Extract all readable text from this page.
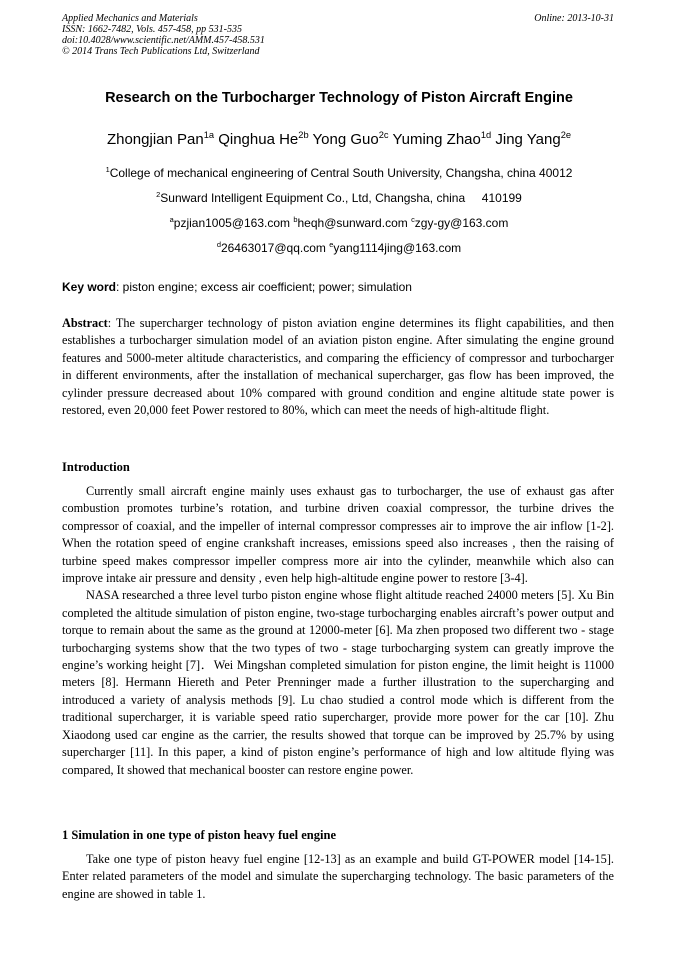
Applied Mechanics and Materials
ISSN: 1662-7482, Vols. 457-458, pp 531-535
doi:10.4028/www.scientific.net/AMM.457-458.531
© 2014 Trans Tech Publications Ltd, Switzerland
Online: 2013-10-31
Research on the Turbocharger Technology of Piston Aircraft Engine
Zhongjian Pan$^{1a}$ Qinghua $He^{2b}$ Yong Guo$^{2c}$ Yuming Zhao$^{1d}$ Jing Yang$^{2e}$
$^1$College of mechanical engineering of Central South University, Changsha, china 40012
$^2$Sunward Intelligent Equipment Co., Ltd, Changsha, china     410199
$^a$pzjian1005@163.com $^b$heqh@sunward.com $^c$zgy-gy@163.com
$^d$26463017@qq.com $^e$yang1114jing@163.com
Key word: piston engine; excess air coefficient; power; simulation

Abstract: The supercharger technology of piston aviation engine determines its flight capabilities, and then establishes a turbocharger simulation model of an aviation piston engine. After simulating the engine ground features and 5000-meter altitude characteristics, and comparing the efficiency of compressor and turbocharger in different environments, after the installation of mechanical supercharger, gas flow has been improved, the cylinder pressure decreased about 10% compared with ground condition and engine altitude state power is restored, even 20,000 feet Power restored to 80%, which can meet the needs of high-altitude flight.

Introduction

Currently small aircraft engine mainly uses exhaust gas to turbocharger, the use of exhaust gas after combustion promotes turbine’s rotation, and turbine driven coaxial compressor, the turbine drives the compressor of coaxial, and the impeller of internal compressor compresses air to improve the air inflow [1-2]. When the rotation speed of engine crankshaft increases, emissions speed also increases , then the raising of turbine speed makes compressor impeller compress more air into the cylinder, meanwhile which also can improve intake air pressure and density , even help high-altitude engine power to restore [3-4].

NASA researched a three level turbo piston engine whose flight altitude reached 24000 meters [5]. Xu Bin completed the altitude simulation of piston engine, two-stage turbocharging enables aircraft’s power output and torque to remain about the same as the ground at 12000-meter [6]. Ma zhen proposed two different two - stage turbocharging systems show that the two types of two - stage turbocharging system can greatly improve the engine’s working height [7]．Wei Mingshan completed simulation for piston engine, the limit height is 11000 meters [8]. Hermann Hiereth and Peter Prenninger made a further illustration to the supercharging and introduced a variety of analysis methods [9]. Lu chao studied a control mode which is different from the traditional supercharger, it is variable speed ratio supercharger, provide more power for the car [10]. Zhu Xiaodong used car engine as the carrier, the results showed that torque can be improved by 25.7% by using supercharger [11]. In this paper, a kind of piston engine’s performance of high and low altitude flying was compared, It showed that mechanical booster can restore engine power.

1 Simulation in one type of piston heavy fuel engine

Take one type of piston heavy fuel engine [12-13] as an example and build GT-POWER model [14-15]. Enter related parameters of the model and simulate the supercharging technology. The basic parameters of the engine are showed in table 1.
